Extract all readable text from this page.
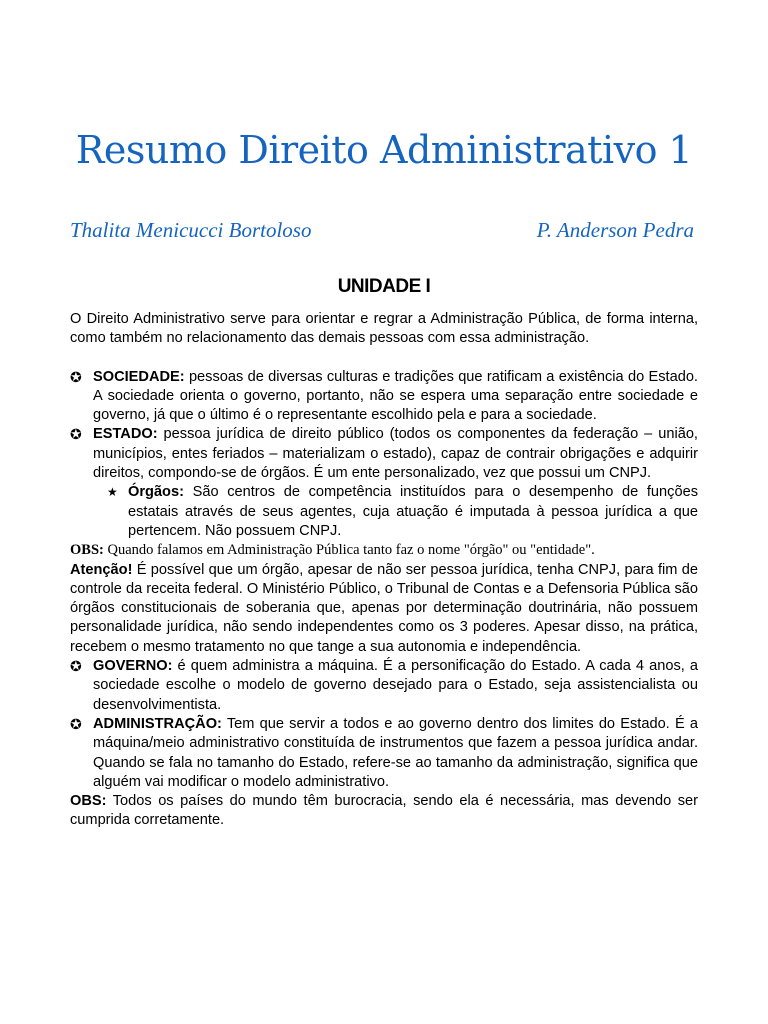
Resumo Direito Administrativo 1
Thalita Menicucci Bortoloso	P. Anderson Pedra
UNIDADE I

O Direito Administrativo serve para orientar e regrar a Administração Pública, de forma interna, como também no relacionamento das demais pessoas com essa administração.

✪ SOCIEDADE: pessoas de diversas culturas e tradições que ratificam a existência do Estado. A sociedade orienta o governo, portanto, não se espera uma separação entre sociedade e governo, já que o último é o representante escolhido pela e para a sociedade.
✪ ESTADO: pessoa jurídica de direito público (todos os componentes da federação – união, municípios, entes feriados – materializam o estado), capaz de contrair obrigações e adquirir direitos, compondo-se de órgãos. É um ente personalizado, vez que possui um CNPJ.
★ Órgãos: São centros de competência instituídos para o desempenho de funções estatais através de seus agentes, cuja atuação é imputada à pessoa jurídica a que pertencem. Não possuem CNPJ.

OBS: Quando falamos em Administração Pública tanto faz o nome "órgão" ou "entidade".

Atenção! É possível que um órgão, apesar de não ser pessoa jurídica, tenha CNPJ, para fim de controle da receita federal. O Ministério Público, o Tribunal de Contas e a Defensoria Pública são órgãos constitucionais de soberania que, apenas por determinação doutrinária, não possuem personalidade jurídica, não sendo independentes como os 3 poderes. Apesar disso, na prática, recebem o mesmo tratamento no que tange a sua autonomia e independência.

✪ GOVERNO: é quem administra a máquina. É a personificação do Estado. A cada 4 anos, a sociedade escolhe o modelo de governo desejado para o Estado, seja assistencialista ou desenvolvimentista.
✪ ADMINISTRAÇÃO: Tem que servir a todos e ao governo dentro dos limites do Estado. É a máquina/meio administrativo constituída de instrumentos que fazem a pessoa jurídica andar. Quando se fala no tamanho do Estado, refere-se ao tamanho da administração, significa que alguém vai modificar o modelo administrativo.

OBS: Todos os países do mundo têm burocracia, sendo ela é necessária, mas devendo ser cumprida corretamente.
